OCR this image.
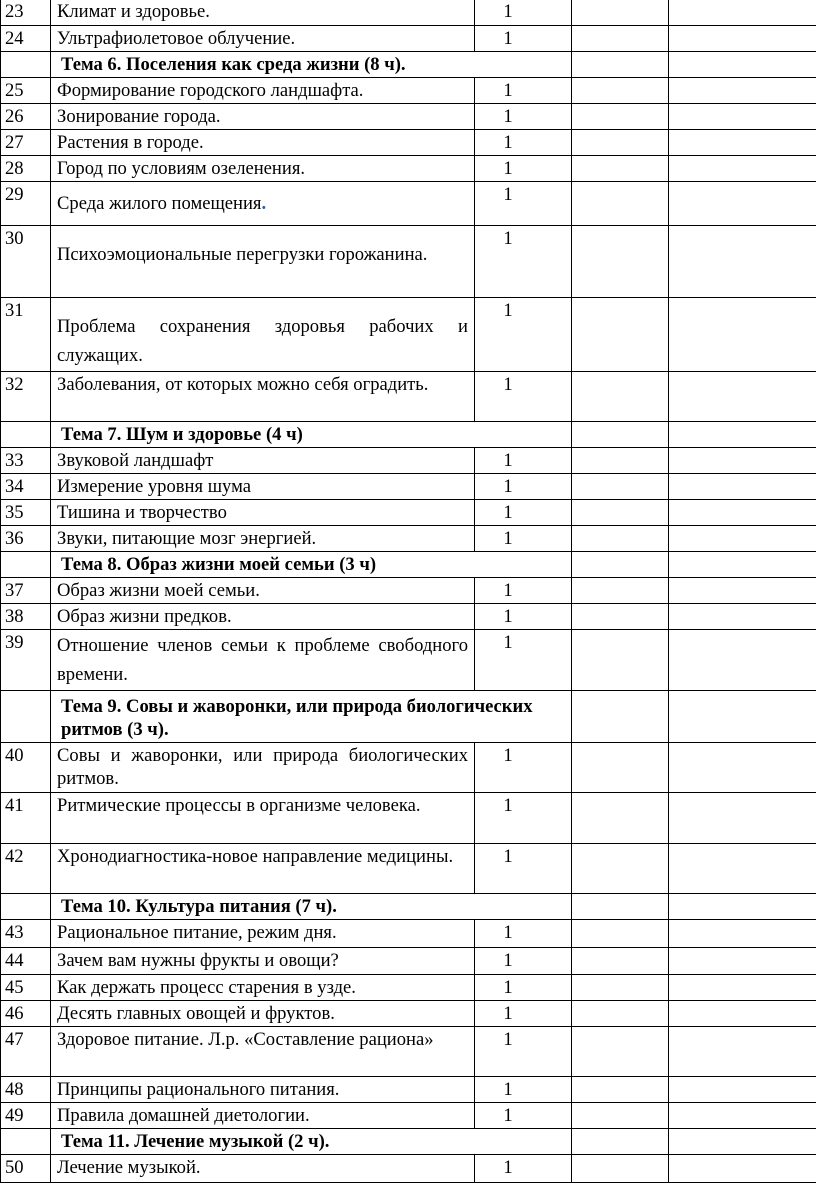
23	Климат и здоровье.	1		
24	Ультрафиолетовое облучение.	1		
	Тема 6. Поселения как среда жизни (8 ч).			
25	Формирование городского ландшафта.	1		
26	Зонирование города.	1		
27	Растения в городе.	1		
28	Город по условиям озеленения.	1		
29	Среда жилого помещения.	1		
30	Психоэмоциональные перегрузки горожанина.	1		
31	Проблема сохранения здоровья рабочих и служащих.	1		
32	Заболевания, от которых можно себя оградить.	1		
	Тема 7. Шум и здоровье (4 ч)			
33	Звуковой ландшафт	1		
34	Измерение уровня шума	1		
35	Тишина и творчество	1		
36	Звуки, питающие мозг энергией.	1		
	Тема 8. Образ жизни моей семьи (3 ч)			
37	Образ жизни моей семьи.	1		
38	Образ жизни предков.	1		
39	Отношение членов семьи к проблеме свободного времени.	1		
	Тема 9. Совы и жаворонки, или природа биологических ритмов (3 ч).			
40	Совы и жаворонки, или природа биологических ритмов.	1		
41	Ритмические процессы в организме человека.	1		
42	Хронодиагностика-новое направление медицины.	1		
	Тема 10. Культура питания (7 ч).			
43	Рациональное питание, режим дня.	1		
44	Зачем вам нужны фрукты и овощи?	1		
45	Как держать процесс старения в узде.	1		
46	Десять главных овощей и фруктов.	1		
47	Здоровое питание. Л.р. «Составление рациона»	1		
48	Принципы рационального питания.	1		
49	Правила домашней диетологии.	1		
	Тема 11. Лечение музыкой (2 ч).			
50	Лечение музыкой.	1		
